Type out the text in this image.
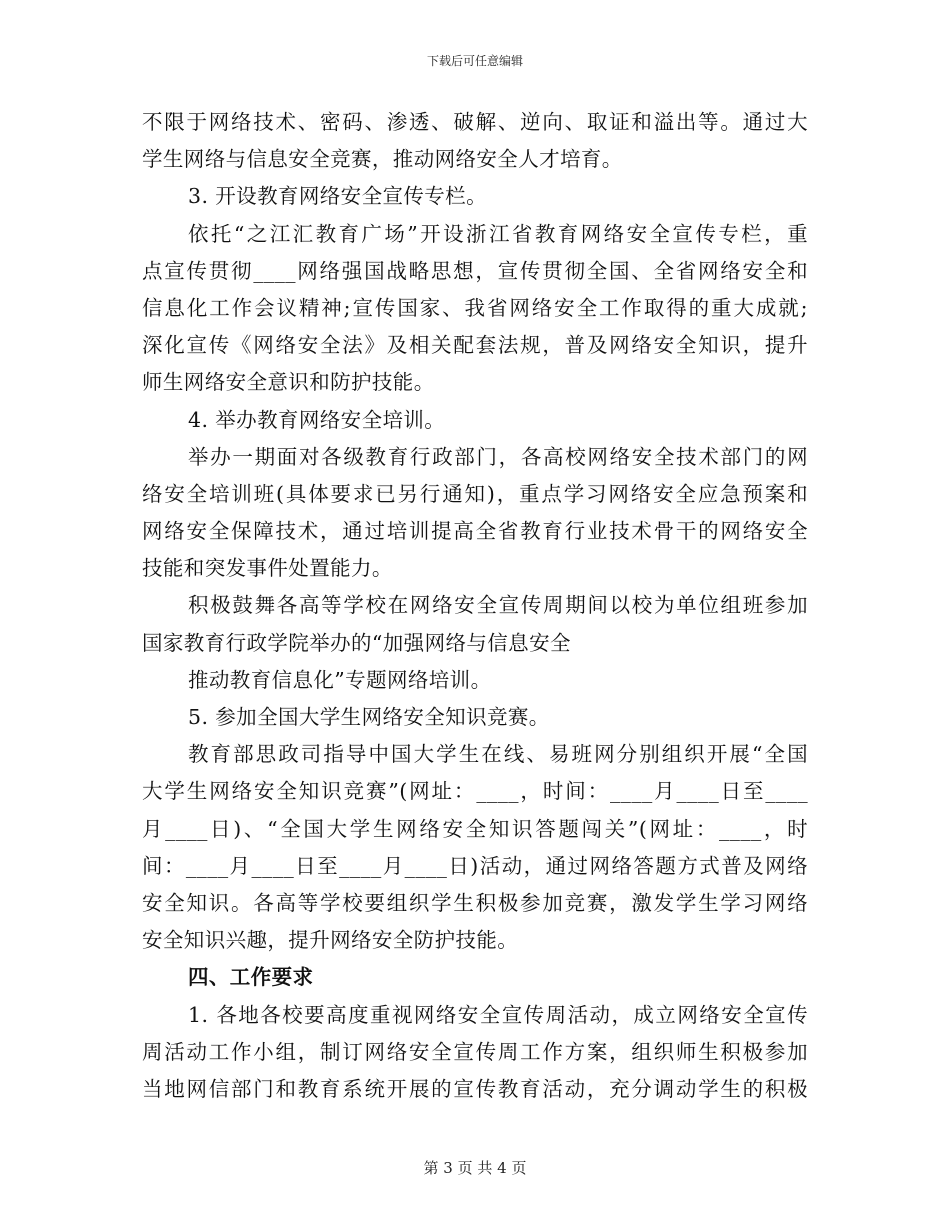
下载后可任意编辑
不限于网络技术、密码、渗透、破解、逆向、取证和溢出等。通过大
学生网络与信息安全竞赛，推动网络安全人才培育。
3. 开设教育网络安全宣传专栏。
依托“之江汇教育广场”开设浙江省教育网络安全宣传专栏，重
点宣传贯彻____网络强国战略思想，宣传贯彻全国、全省网络安全和
信息化工作会议精神;宣传国家、我省网络安全工作取得的重大成就;
深化宣传《网络安全法》及相关配套法规，普及网络安全知识，提升
师生网络安全意识和防护技能。
4. 举办教育网络安全培训。
举办一期面对各级教育行政部门，各高校网络安全技术部门的网
络安全培训班(具体要求已另行通知)，重点学习网络安全应急预案和
网络安全保障技术，通过培训提高全省教育行业技术骨干的网络安全
技能和突发事件处置能力。
积极鼓舞各高等学校在网络安全宣传周期间以校为单位组班参加
国家教育行政学院举办的“加强网络与信息安全
推动教育信息化”专题网络培训。
5. 参加全国大学生网络安全知识竞赛。
教育部思政司指导中国大学生在线、易班网分别组织开展“全国
大学生网络安全知识竞赛”(网址：____，时间：____月____日至____
月____日)、“全国大学生网络安全知识答题闯关”(网址：____，时
间：____月____日至____月____日)活动，通过网络答题方式普及网络
安全知识。各高等学校要组织学生积极参加竞赛，激发学生学习网络
安全知识兴趣，提升网络安全防护技能。
四、工作要求
1. 各地各校要高度重视网络安全宣传周活动，成立网络安全宣传
周活动工作小组，制订网络安全宣传周工作方案，组织师生积极参加
当地网信部门和教育系统开展的宣传教育活动，充分调动学生的积极
第 3 页 共 4 页
